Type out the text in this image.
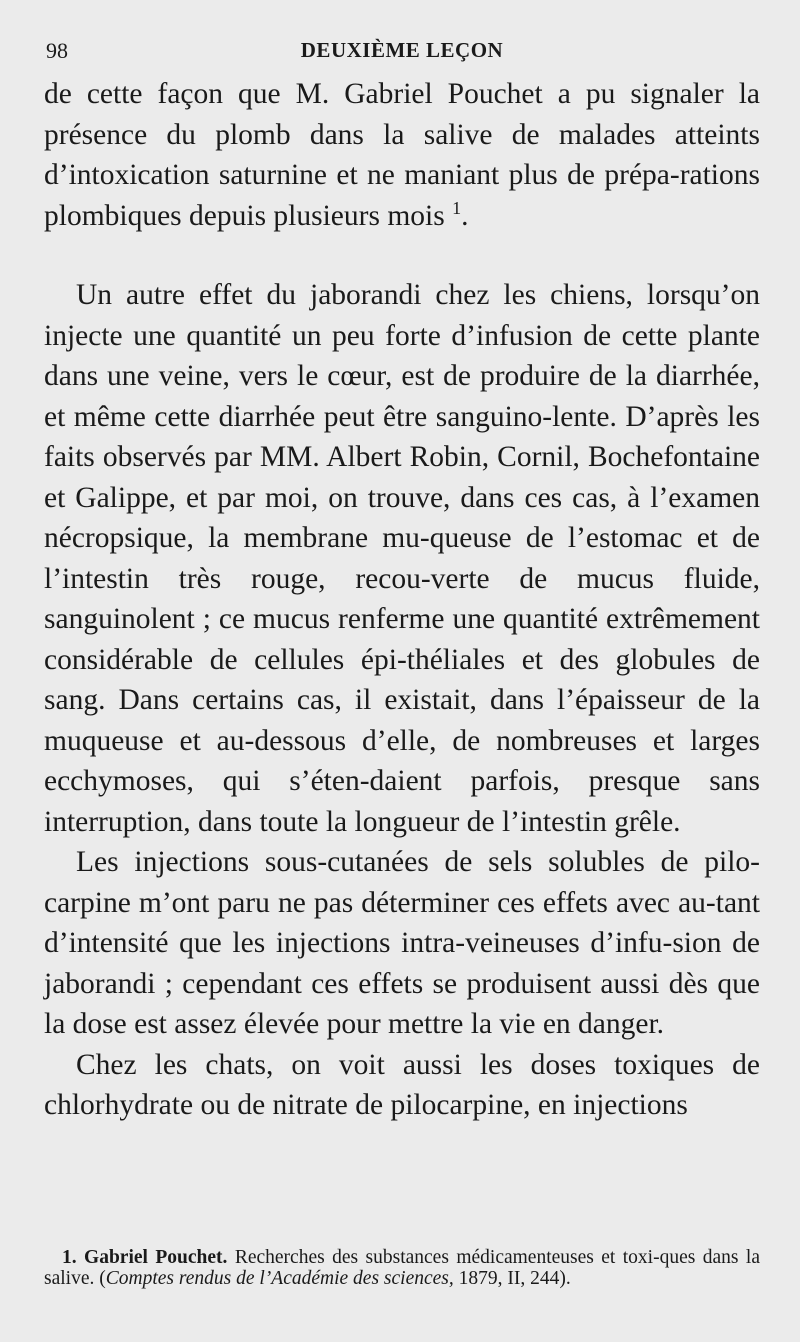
98	DEUXIÈME LEÇON

de cette façon que M. Gabriel Pouchet a pu signaler la présence du plomb dans la salive de malades atteints d’intoxication saturnine et ne maniant plus de prépa-rations plombiques depuis plusieurs mois $^1$.

Un autre effet du jaborandi chez les chiens, lorsqu’on injecte une quantité un peu forte d’infusion de cette plante dans une veine, vers le cœur, est de produire de la diarrhée, et même cette diarrhée peut être sanguino-lente. D’après les faits observés par MM. Albert Robin, Cornil, Bochefontaine et Galippe, et par moi, on trouve, dans ces cas, à l’examen nécropsique, la membrane mu-queuse de l’estomac et de l’intestin très rouge, recou-verte de mucus fluide, sanguinolent ; ce mucus renferme une quantité extrêmement considérable de cellules épi-théliales et des globules de sang. Dans certains cas, il existait, dans l’épaisseur de la muqueuse et au-dessous d’elle, de nombreuses et larges ecchymoses, qui s’éten-daient parfois, presque sans interruption, dans toute la longueur de l’intestin grêle.

Les injections sous-cutanées de sels solubles de pilo-carpine m’ont paru ne pas déterminer ces effets avec au-tant d’intensité que les injections intra-veineuses d’infu-sion de jaborandi ; cependant ces effets se produisent aussi dès que la dose est assez élevée pour mettre la vie en danger.

Chez les chats, on voit aussi les doses toxiques de chlorhydrate ou de nitrate de pilocarpine, en injections

1. Gabriel Pouchet. Recherches des substances médicamenteuses et toxi-ques dans la salive. (Comptes rendus de l’Académie des sciences, 1879, II, 244).
